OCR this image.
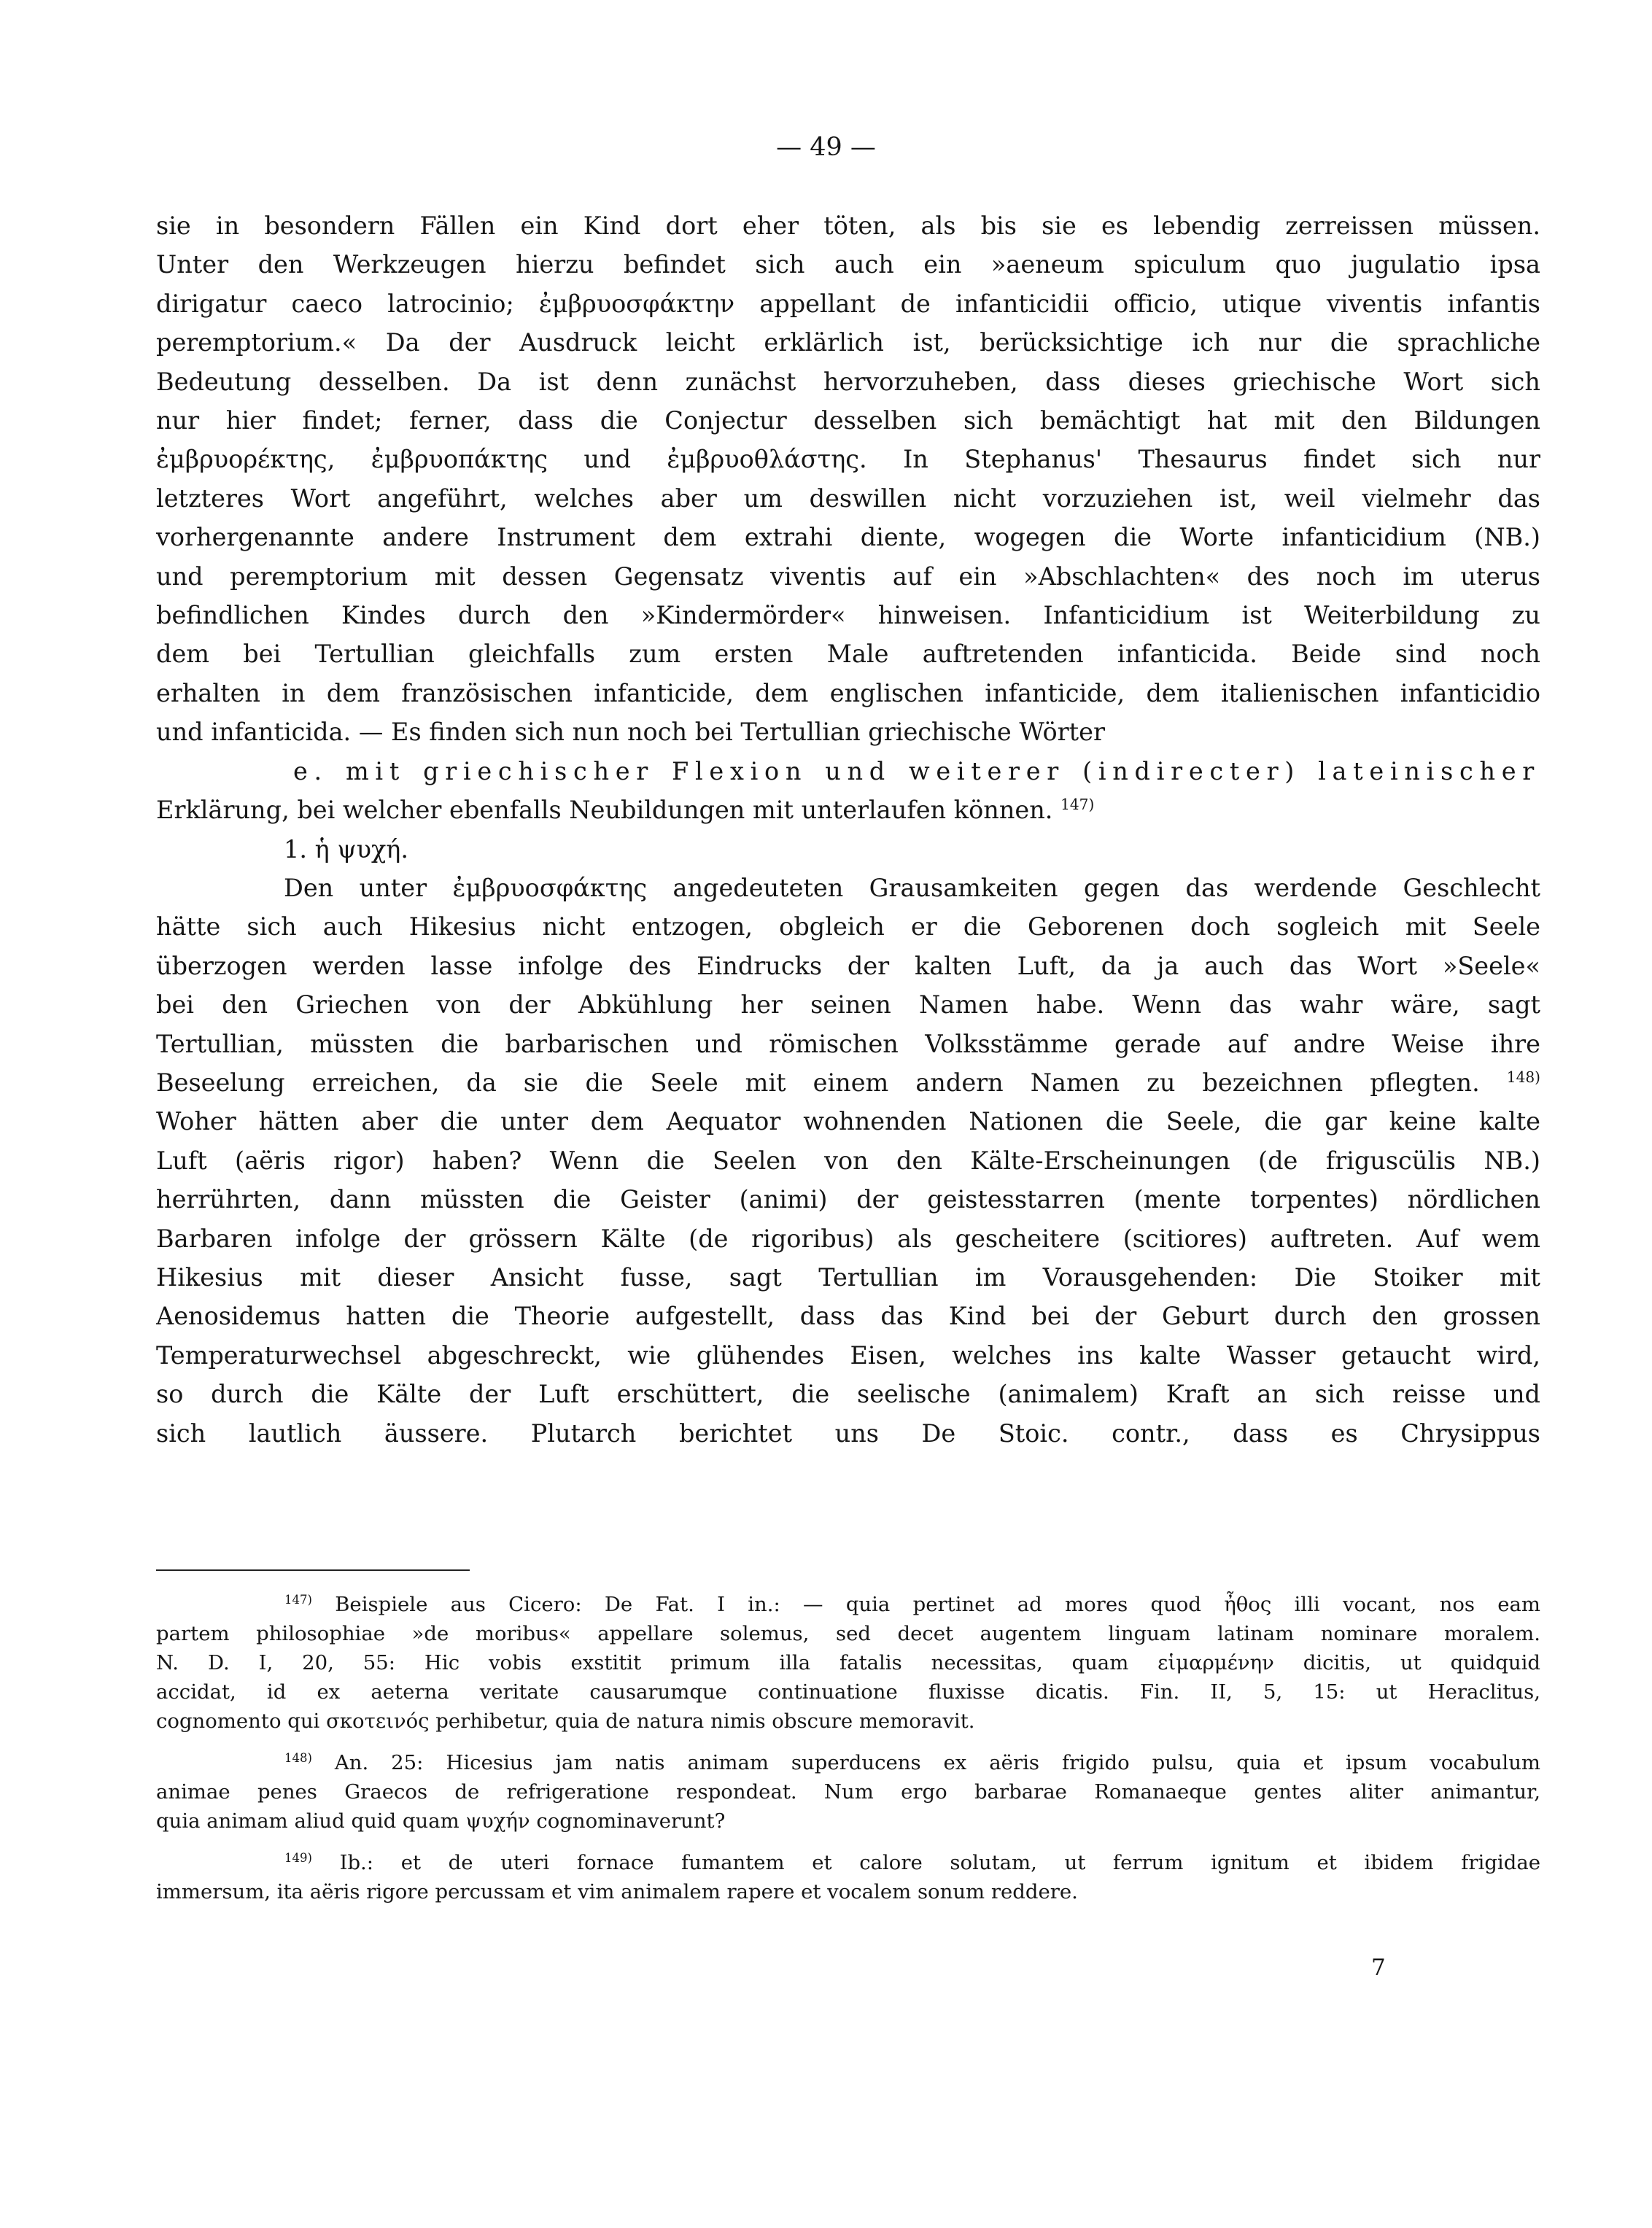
— 49 —
sie in besondern Fällen ein Kind dort eher töten, als bis sie es lebendig zerreissen müssen.
Unter den Werkzeugen hierzu befindet sich auch ein »aeneum spiculum quo jugulatio ipsa
dirigatur caeco latrocinio; ἐμβρυοσφάκτην appellant de infanticidii officio, utique viventis infantis
peremptorium.« Da der Ausdruck leicht erklärlich ist, berücksichtige ich nur die sprachliche
Bedeutung desselben. Da ist denn zunächst hervorzuheben, dass dieses griechische Wort sich
nur hier findet; ferner, dass die Conjectur desselben sich bemächtigt hat mit den Bildungen
ἐμβρυορέκτης, ἐμβρυοπάκτης und ἐμβρυοθλάστης. In Stephanus' Thesaurus findet sich nur
letzteres Wort angeführt, welches aber um deswillen nicht vorzuziehen ist, weil vielmehr das
vorhergenannte andere Instrument dem extrahi diente, wogegen die Worte infanticidium (NB.)
und peremptorium mit dessen Gegensatz viventis auf ein »Abschlachten« des noch im uterus
befindlichen Kindes durch den »Kindermörder« hinweisen. Infanticidium ist Weiterbildung zu
dem bei Tertullian gleichfalls zum ersten Male auftretenden infanticida. Beide sind noch
erhalten in dem französischen infanticide, dem englischen infanticide, dem italienischen infanticidio
und infanticida. — Es finden sich nun noch bei Tertullian griechische Wörter
e. mit griechischer Flexion und weiterer (indirecter) lateinischer
Erklärung, bei welcher ebenfalls Neubildungen mit unterlaufen können. $^{147)}$
1. ἡ ψυχή.
Den unter ἐμβρυοσφάκτης angedeuteten Grausamkeiten gegen das werdende Geschlecht
hätte sich auch Hikesius nicht entzogen, obgleich er die Geborenen doch sogleich mit Seele
überzogen werden lasse infolge des Eindrucks der kalten Luft, da ja auch das Wort »Seele«
bei den Griechen von der Abkühlung her seinen Namen habe. Wenn das wahr wäre, sagt
Tertullian, müssten die barbarischen und römischen Volksstämme gerade auf andre Weise ihre
Beseelung erreichen, da sie die Seele mit einem andern Namen zu bezeichnen pflegten. $^{148)}$
Woher hätten aber die unter dem Aequator wohnenden Nationen die Seele, die gar keine kalte
Luft (aëris rigor) haben? Wenn die Seelen von den Kälte-Erscheinungen (de friguscülis NB.)
herrührten, dann müssten die Geister (animi) der geistesstarren (mente torpentes) nördlichen
Barbaren infolge der grössern Kälte (de rigoribus) als gescheitere (scitiores) auftreten. Auf wem
Hikesius mit dieser Ansicht fusse, sagt Tertullian im Vorausgehenden: Die Stoiker mit
Aenosidemus hatten die Theorie aufgestellt, dass das Kind bei der Geburt durch den grossen
Temperaturwechsel abgeschreckt, wie glühendes Eisen, welches ins kalte Wasser getaucht wird,
so durch die Kälte der Luft erschüttert, die seelische (animalem) Kraft an sich reisse und
sich lautlich äussere. Plutarch berichtet uns De Stoic. contr., dass es Chrysippus
$^{147)}$ Beispiele aus Cicero: De Fat. I in.: — quia pertinet ad mores quod ἦθος illi vocant, nos eam
partem philosophiae »de moribus« appellare solemus, sed decet augentem linguam latinam nominare moralem.
N. D. I, 20, 55: Hic vobis exstitit primum illa fatalis necessitas, quam εἱμαρμένην dicitis, ut quidquid
accidat, id ex aeterna veritate causarumque continuatione fluxisse dicatis. Fin. II, 5, 15: ut Heraclitus,
cognomento qui σκοτεινός perhibetur, quia de natura nimis obscure memoravit.
$^{148)}$ An. 25: Hicesius jam natis animam superducens ex aëris frigido pulsu, quia et ipsum vocabulum
animae penes Graecos de refrigeratione respondeat. Num ergo barbarae Romanaeque gentes aliter animantur,
quia animam aliud quid quam ψυχήν cognominaverunt?
$^{149)}$ Ib.: et de uteri fornace fumantem et calore solutam, ut ferrum ignitum et ibidem frigidae
immersum, ita aëris rigore percussam et vim animalem rapere et vocalem sonum reddere.
7
